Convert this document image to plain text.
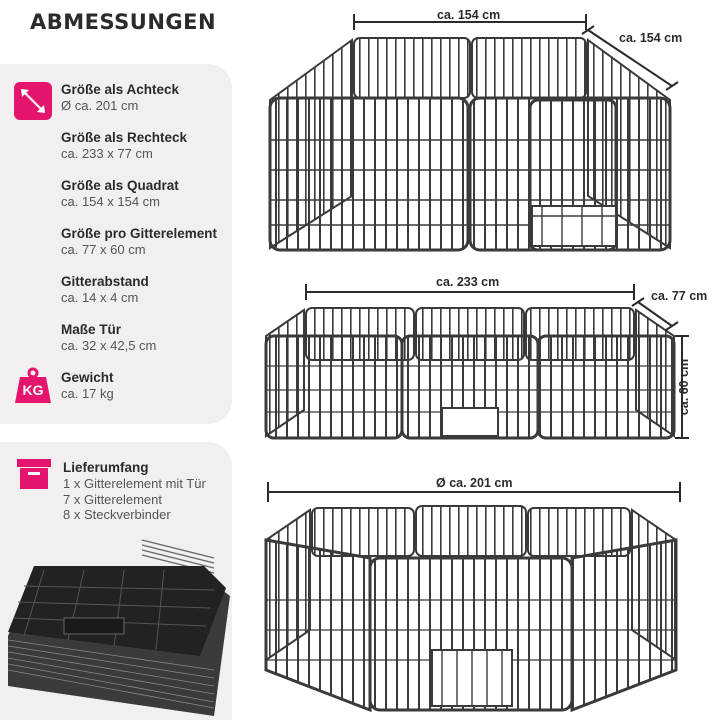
ABMESSUNGEN
Größe als Achteck
Ø ca. 201 cm
Größe als Rechteck
ca. 233 x 77 cm
Größe als Quadrat
ca. 154 x 154 cm
Größe pro Gitterelement
ca. 77 x 60 cm
Gitterabstand
ca. 14 x 4 cm
Maße Tür
ca. 32 x 42,5 cm
KG
Gewicht
ca. 17 kg
Lieferumfang
1 x Gitterelement mit Tür
7 x Gitterelement
8 x Steckverbinder
ca. 154 cm
ca. 154 cm
ca. 233 cm
ca. 77 cm
ca. 60 cm
Ø ca. 201 cm
